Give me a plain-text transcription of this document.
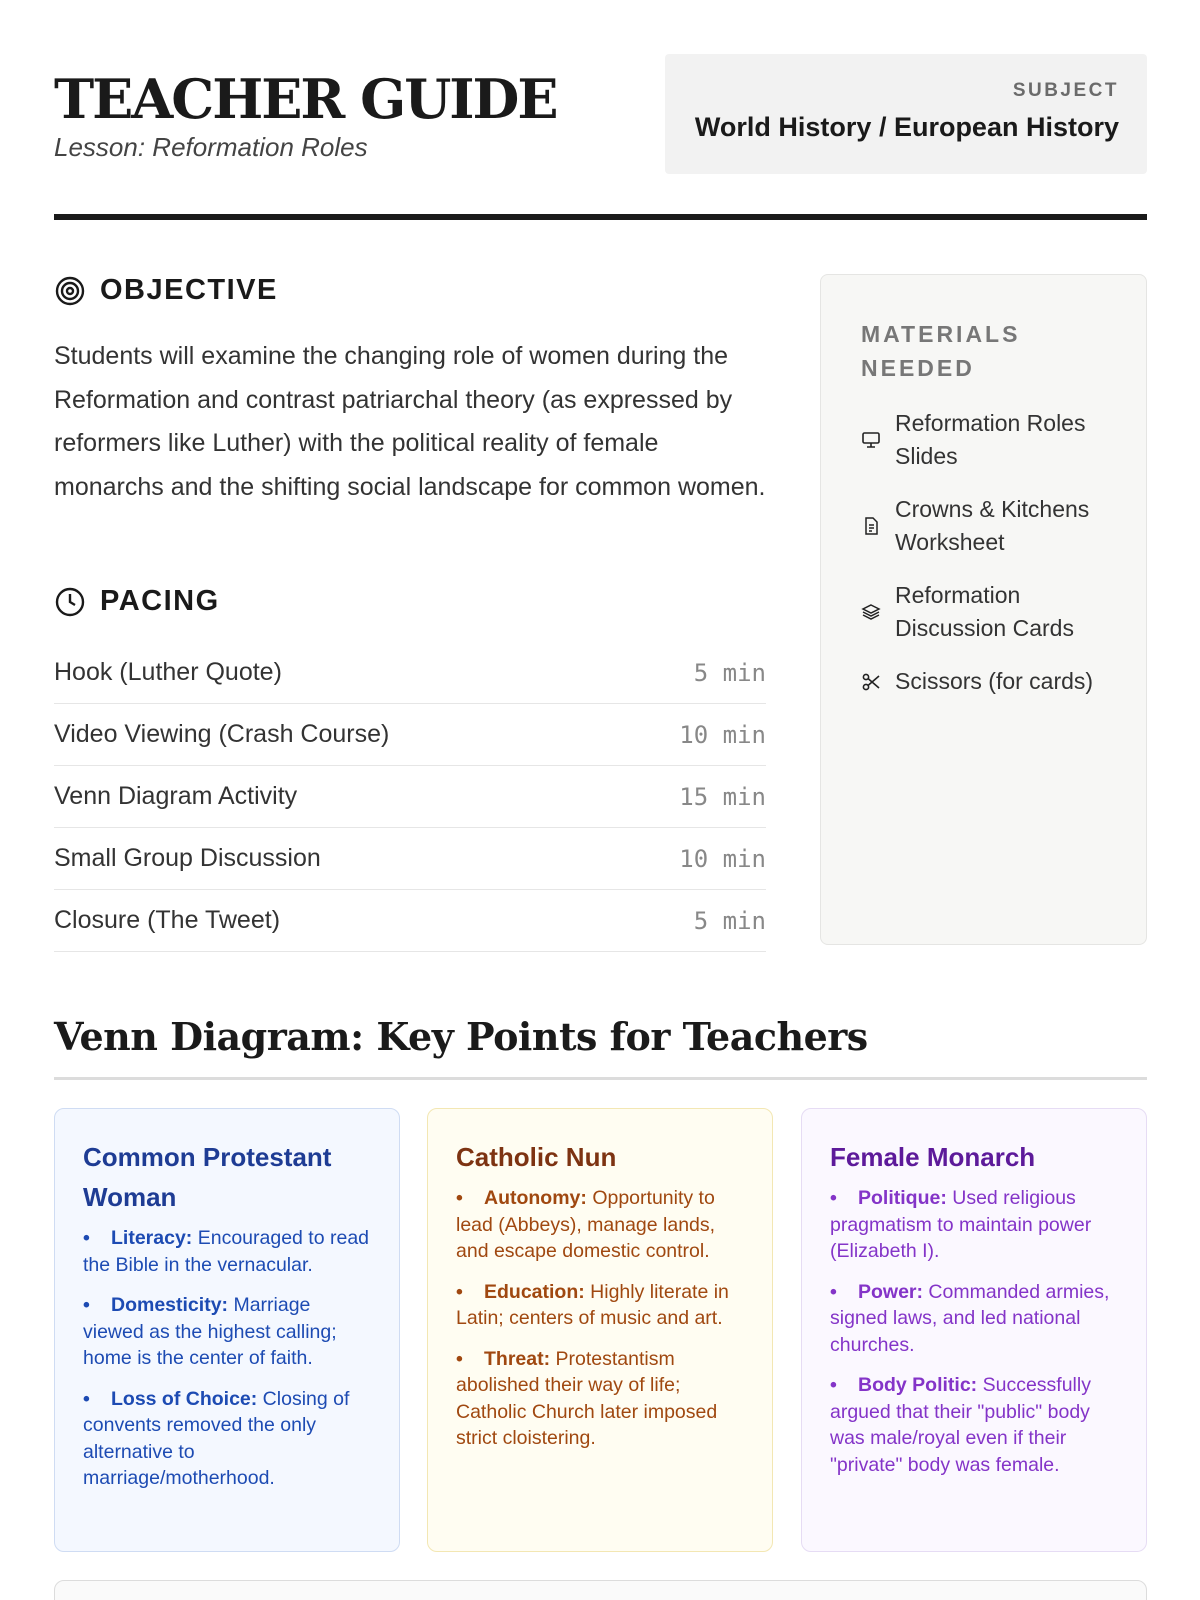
TEACHER GUIDE
Lesson: Reformation Roles
SUBJECT
World History / European History
OBJECTIVE
Students will examine the changing role of women during the Reformation and contrast patriarchal theory (as expressed by reformers like Luther) with the political reality of female monarchs and the shifting social landscape for common women.
PACING
Hook (Luther Quote)	5 min
Video Viewing (Crash Course)	10 min
Venn Diagram Activity	15 min
Small Group Discussion	10 min
Closure (The Tweet)	5 min
MATERIALS NEEDED
Reformation Roles Slides
Crowns & Kitchens Worksheet
Reformation Discussion Cards
Scissors (for cards)
Venn Diagram: Key Points for Teachers
Common Protestant Woman
• Literacy: Encouraged to read the Bible in the vernacular.
• Domesticity: Marriage viewed as the highest calling; home is the center of faith.
• Loss of Choice: Closing of convents removed the only alternative to marriage/motherhood.
Catholic Nun
• Autonomy: Opportunity to lead (Abbeys), manage lands, and escape domestic control.
• Education: Highly literate in Latin; centers of music and art.
• Threat: Protestantism abolished their way of life; Catholic Church later imposed strict cloistering.
Female Monarch
• Politique: Used religious pragmatism to maintain power (Elizabeth I).
• Power: Commanded armies, signed laws, and led national churches.
• Body Politic: Successfully argued that their "public" body was male/royal even if their "private" body was female.
